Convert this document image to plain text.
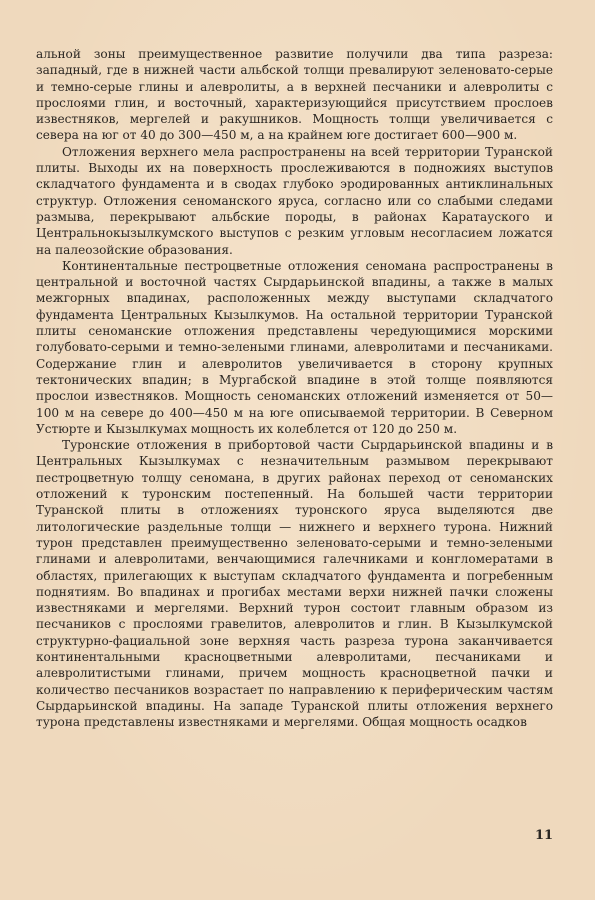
альной зоны преимущественное развитие получили два типа разреза: западный, где в нижней части альбской толщи превалируют зеленовато-серые и темно-серые глины и алевролиты, а в верхней песчаники и алевролиты с прослоями глин, и восточный, характеризующийся присутствием прослоев известняков, мергелей и ракушников. Мощность толщи увеличивается с севера на юг от 40 до 300—450 м, а на крайнем юге достигает 600—900 м.

Отложения верхнего мела распространены на всей территории Туранской плиты. Выходы их на поверхность прослеживаются в подножиях выступов складчатого фундамента и в сводах глубоко эродированных антиклинальных структур. Отложения сеноманского яруса, согласно или со слабыми следами размыва, перекрывают альбские породы, в районах Каратауского и Центральнокызылкумского выступов с резким угловым несогласием ложатся на палеозойские образования.

Континентальные пестроцветные отложения сеномана распространены в центральной и восточной частях Сырдарьинской впадины, а также в малых межгорных впадинах, расположенных между выступами складчатого фундамента Центральных Кызылкумов. На остальной территории Туранской плиты сеноманские отложения представлены чередующимися морскими голубовато-серыми и темно-зелеными глинами, алевролитами и песчаниками. Содержание глин и алевролитов увеличивается в сторону крупных тектонических впадин; в Мургабской впадине в этой толще появляются прослои известняков. Мощность сеноманских отложений изменяется от 50—100 м на севере до 400—450 м на юге описываемой территории. В Северном Устюрте и Кызылкумах мощность их колеблется от 120 до 250 м.

Туронские отложения в прибортовой части Сырдарьинской впадины и в Центральных Кызылкумах с незначительным размывом перекрывают пестроцветную толщу сеномана, в других районах переход от сеноманских отложений к туронским постепенный. На большей части территории Туранской плиты в отложениях туронского яруса выделяются две литологические раздельные толщи — нижнего и верхнего турона. Нижний турон представлен преимущественно зеленовато-серыми и темно-зелеными глинами и алевролитами, венчающимися галечниками и конгломератами в областях, прилегающих к выступам складчатого фундамента и погребенным поднятиям. Во впадинах и прогибах местами верхи нижней пачки сложены известняками и мергелями. Верхний турон состоит главным образом из песчаников с прослоями гравелитов, алевролитов и глин. В Кызылкумской структурно-фациальной зоне верхняя часть разреза турона заканчивается континентальными красноцветными алевролитами, песчаниками и алевролитистыми глинами, причем мощность красноцветной пачки и количество песчаников возрастает по направлению к периферическим частям Сырдарьинской впадины. На западе Туранской плиты отложения верхнего турона представлены известняками и мергелями. Общая мощность осадков

11
